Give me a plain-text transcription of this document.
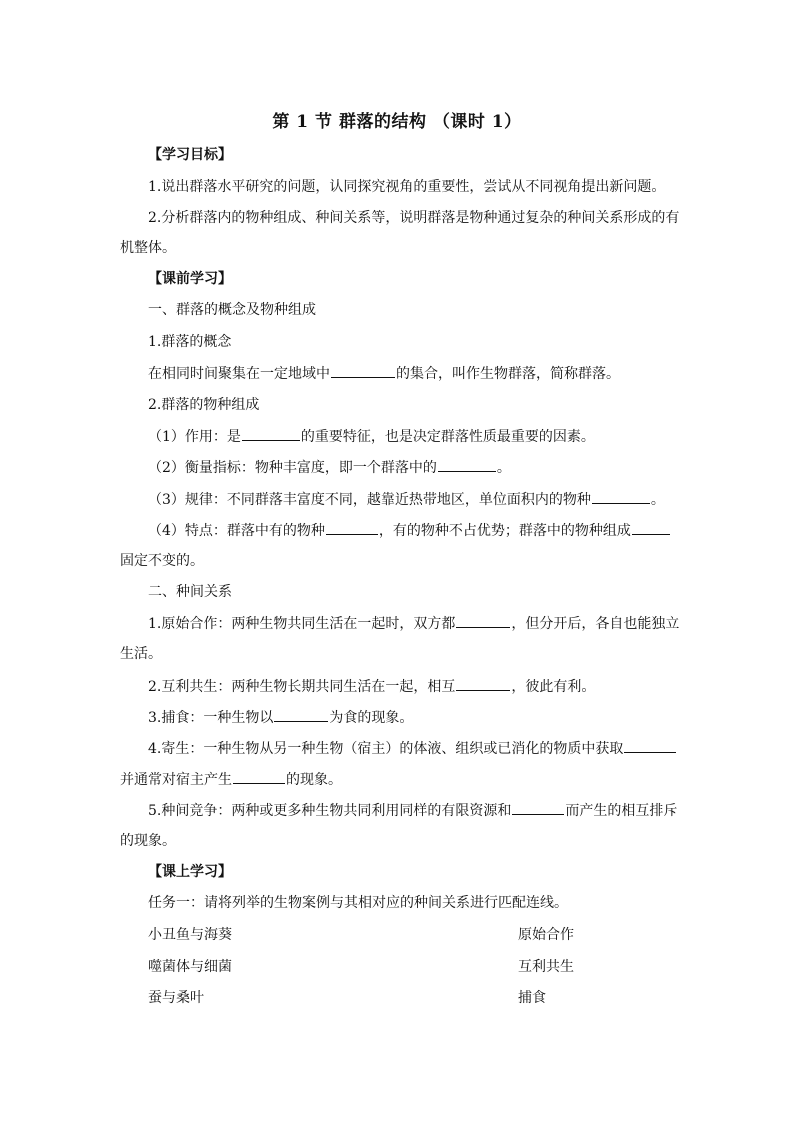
第 1 节 群落的结构 （课时 1）
【学习目标】
1.说出群落水平研究的问题，认同探究视角的重要性，尝试从不同视角提出新问题。
2.分析群落内的物种组成、种间关系等，说明群落是物种通过复杂的种间关系形成的有
机整体。
【课前学习】
一、群落的概念及物种组成
1.群落的概念
在相同时间聚集在一定地域中	的集合，叫作生物群落，简称群落。
2.群落的物种组成
（1）作用：是	的重要特征，也是决定群落性质最重要的因素。
（2）衡量指标：物种丰富度，即一个群落中的	。
（3）规律：不同群落丰富度不同，越靠近热带地区，单位面积内的物种	。
（4）特点：群落中有的物种	，有的物种不占优势；群落中的物种组成
固定不变的。
二、种间关系
1.原始合作：两种生物共同生活在一起时，双方都	，但分开后，各自也能独立
生活。
2.互利共生：两种生物长期共同生活在一起，相互	，彼此有利。
3.捕食：一种生物以	为食的现象。
4.寄生：一种生物从另一种生物（宿主）的体液、组织或已消化的物质中获取
并通常对宿主产生	的现象。
5.种间竞争：两种或更多种生物共同利用同样的有限资源和	而产生的相互排斥
的现象。
【课上学习】
任务一：请将列举的生物案例与其相对应的种间关系进行匹配连线。
小丑鱼与海葵	原始合作
噬菌体与细菌	互利共生
蚕与桑叶	捕食
